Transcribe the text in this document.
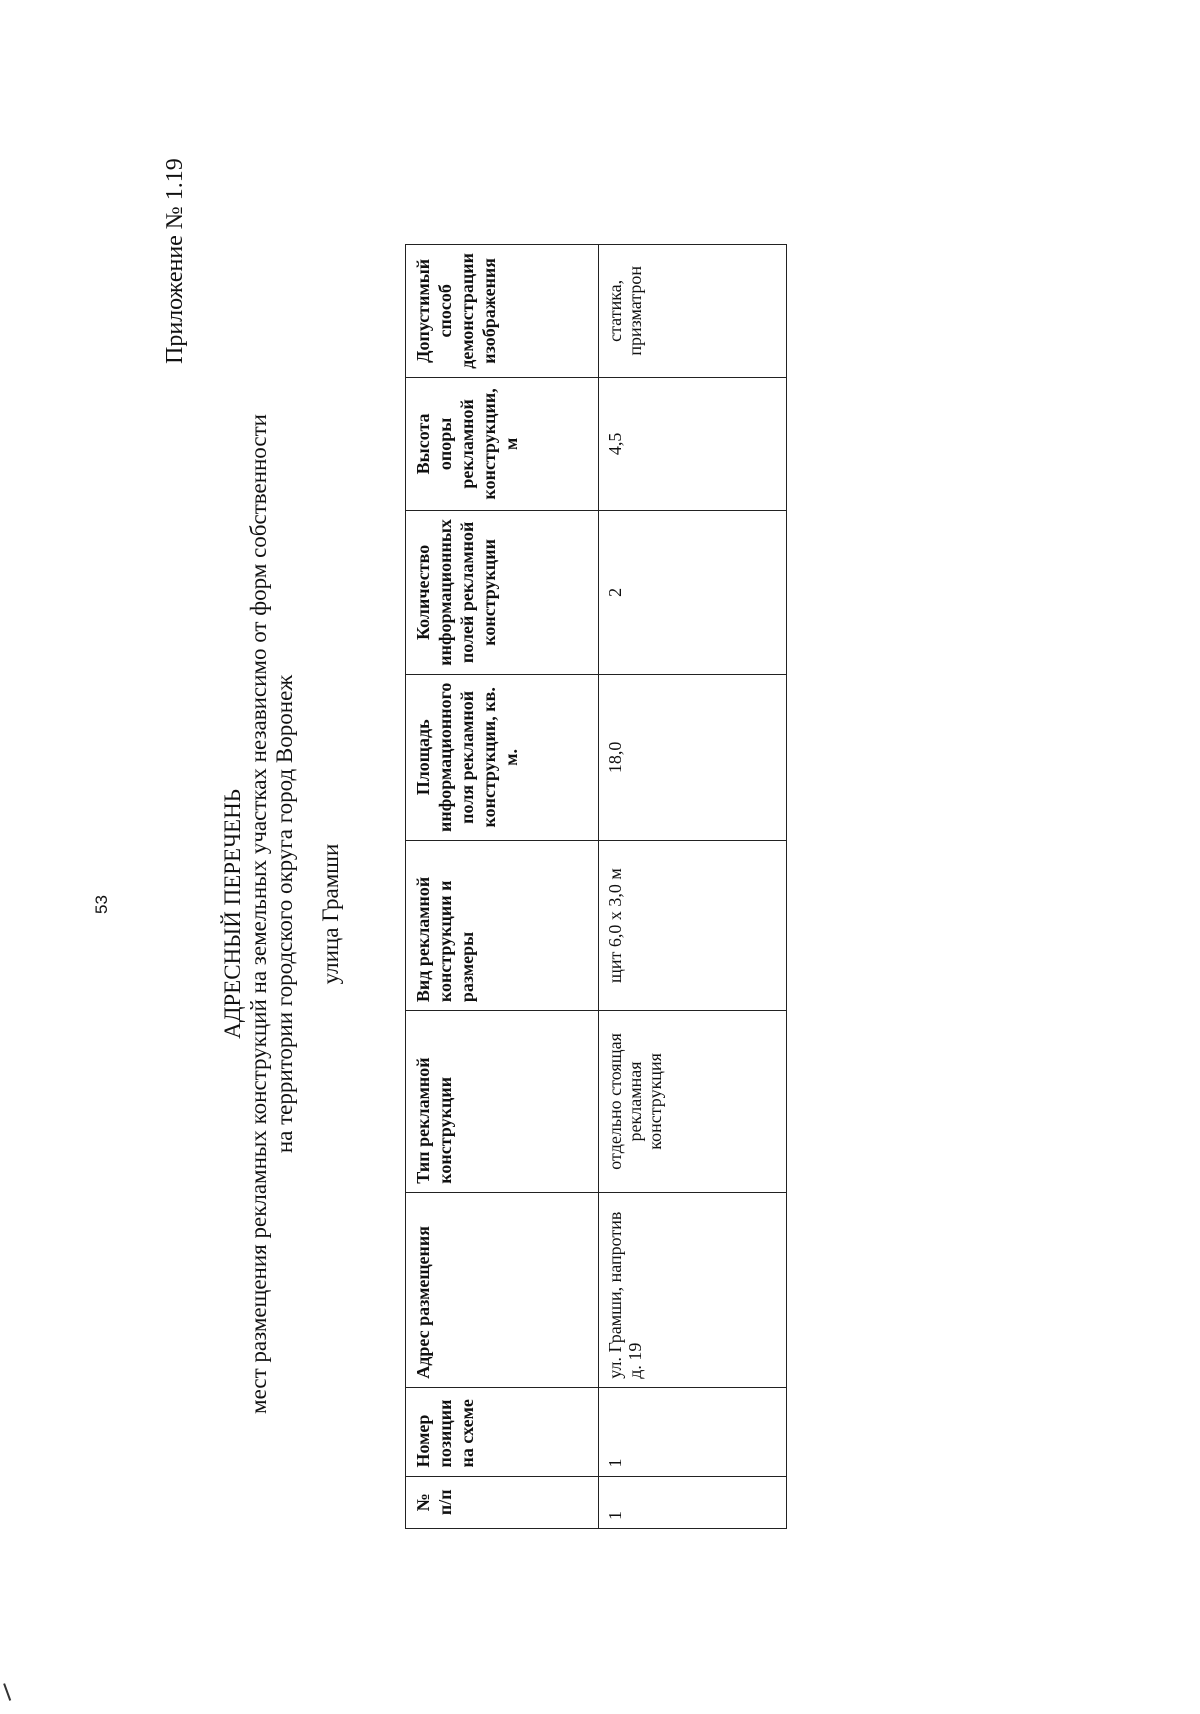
53
Приложение № 1.19
АДРЕСНЫЙ ПЕРЕЧЕНЬ мест размещения рекламных конструкций на земельных участках независимо от форм собственности на территории городского округа город Воронеж улица Грамши
№ п/п	Номер позиции на схеме	Адрес размещения	Тип рекламной конструкции	Вид рекламной конструкции и размеры	Площадь информационного поля рекламной конструкции, кв. м.	Количество информационных полей рекламной конструкции	Высота опоры рекламной конструкции, м	Допустимый способ демонстрации изображения
1	1	ул. Грамши, напротив д. 19	отдельно стоящая рекламная конструкция	щит 6,0 х 3,0 м	18,0	2	4,5	статика, призматрон
